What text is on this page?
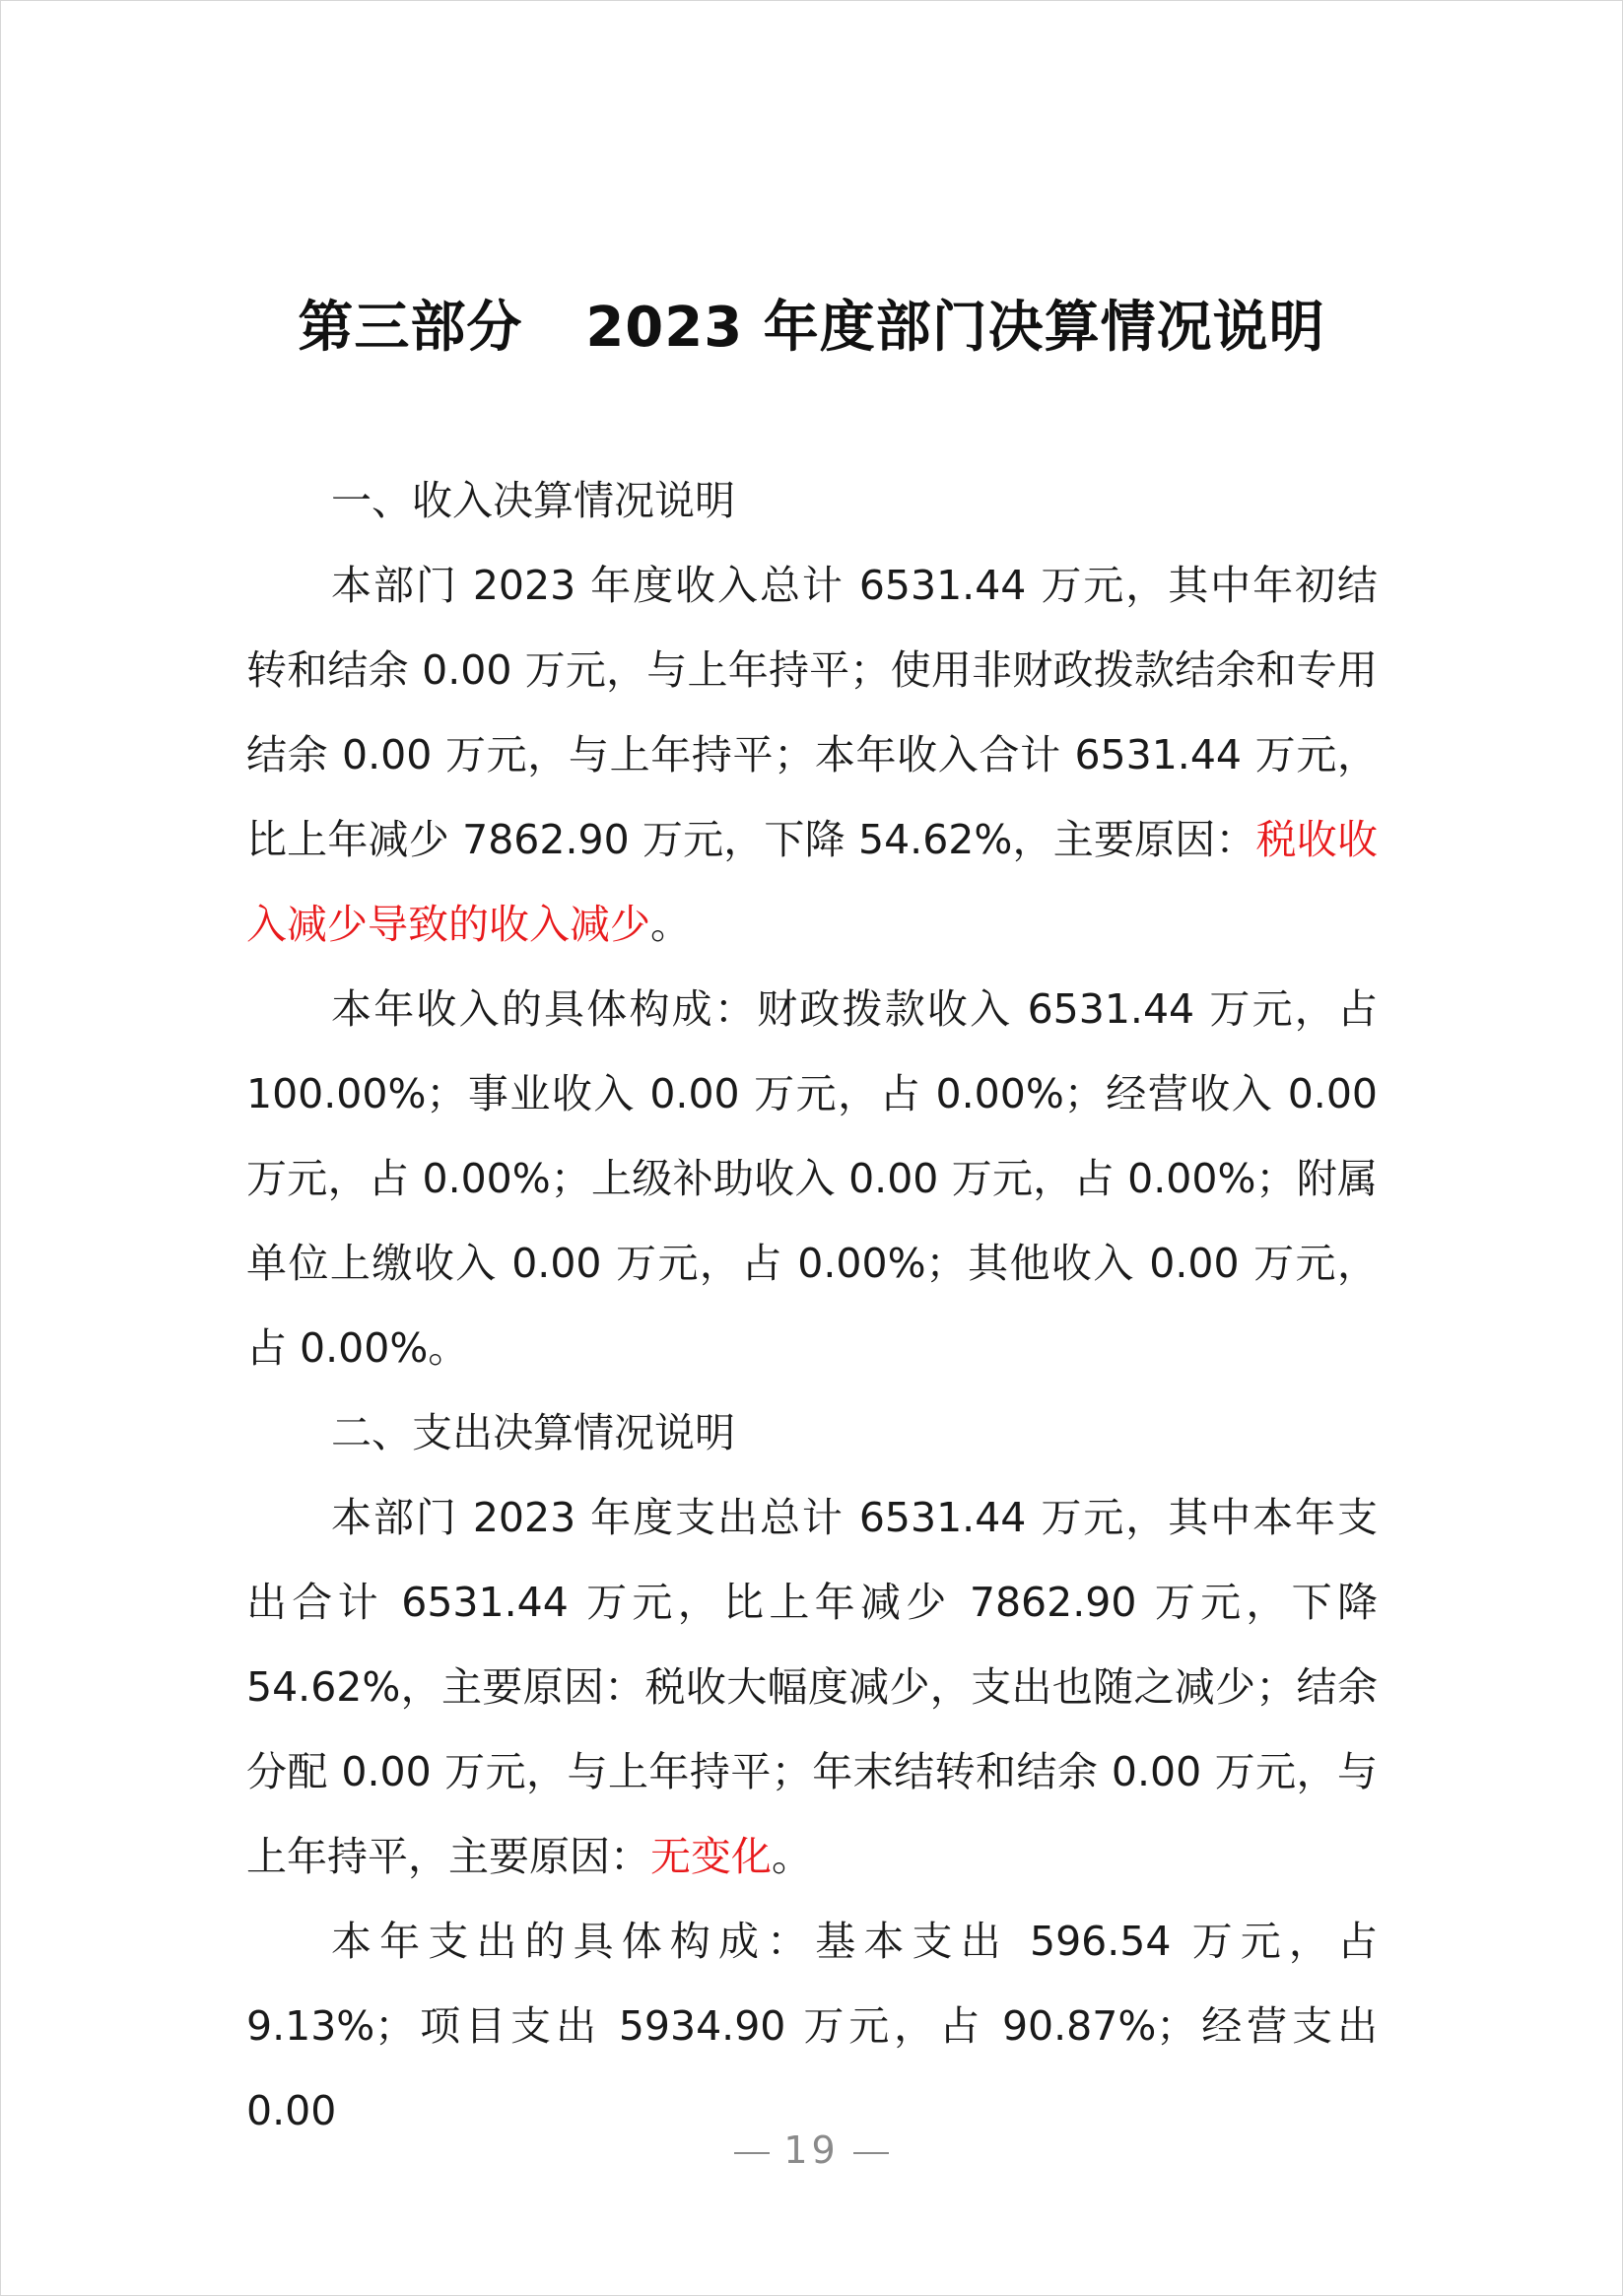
第三部分 2023 年度部门决算情况说明

一、收入决算情况说明

本部门 2023 年度收入总计 6531.44 万元，其中年初结转和结余 0.00 万元，与上年持平；使用非财政拨款结余和专用结余 0.00 万元，与上年持平；本年收入合计 6531.44 万元，比上年减少 7862.90 万元，下降 54.62%，主要原因：税收收入减少导致的收入减少。

本年收入的具体构成：财政拨款收入 6531.44 万元，占 100.00%；事业收入 0.00 万元，占 0.00%；经营收入 0.00 万元，占 0.00%；上级补助收入 0.00 万元，占 0.00%；附属单位上缴收入 0.00 万元，占 0.00%；其他收入 0.00 万元，占 0.00%。

二、支出决算情况说明

本部门 2023 年度支出总计 6531.44 万元，其中本年支出合计 6531.44 万元，比上年减少 7862.90 万元，下降 54.62%，主要原因：税收大幅度减少，支出也随之减少；结余分配 0.00 万元，与上年持平；年末结转和结余 0.00 万元，与上年持平，主要原因：无变化。

本年支出的具体构成：基本支出 596.54 万元，占 9.13%；项目支出 5934.90 万元，占 90.87%；经营支出 0.00

19
